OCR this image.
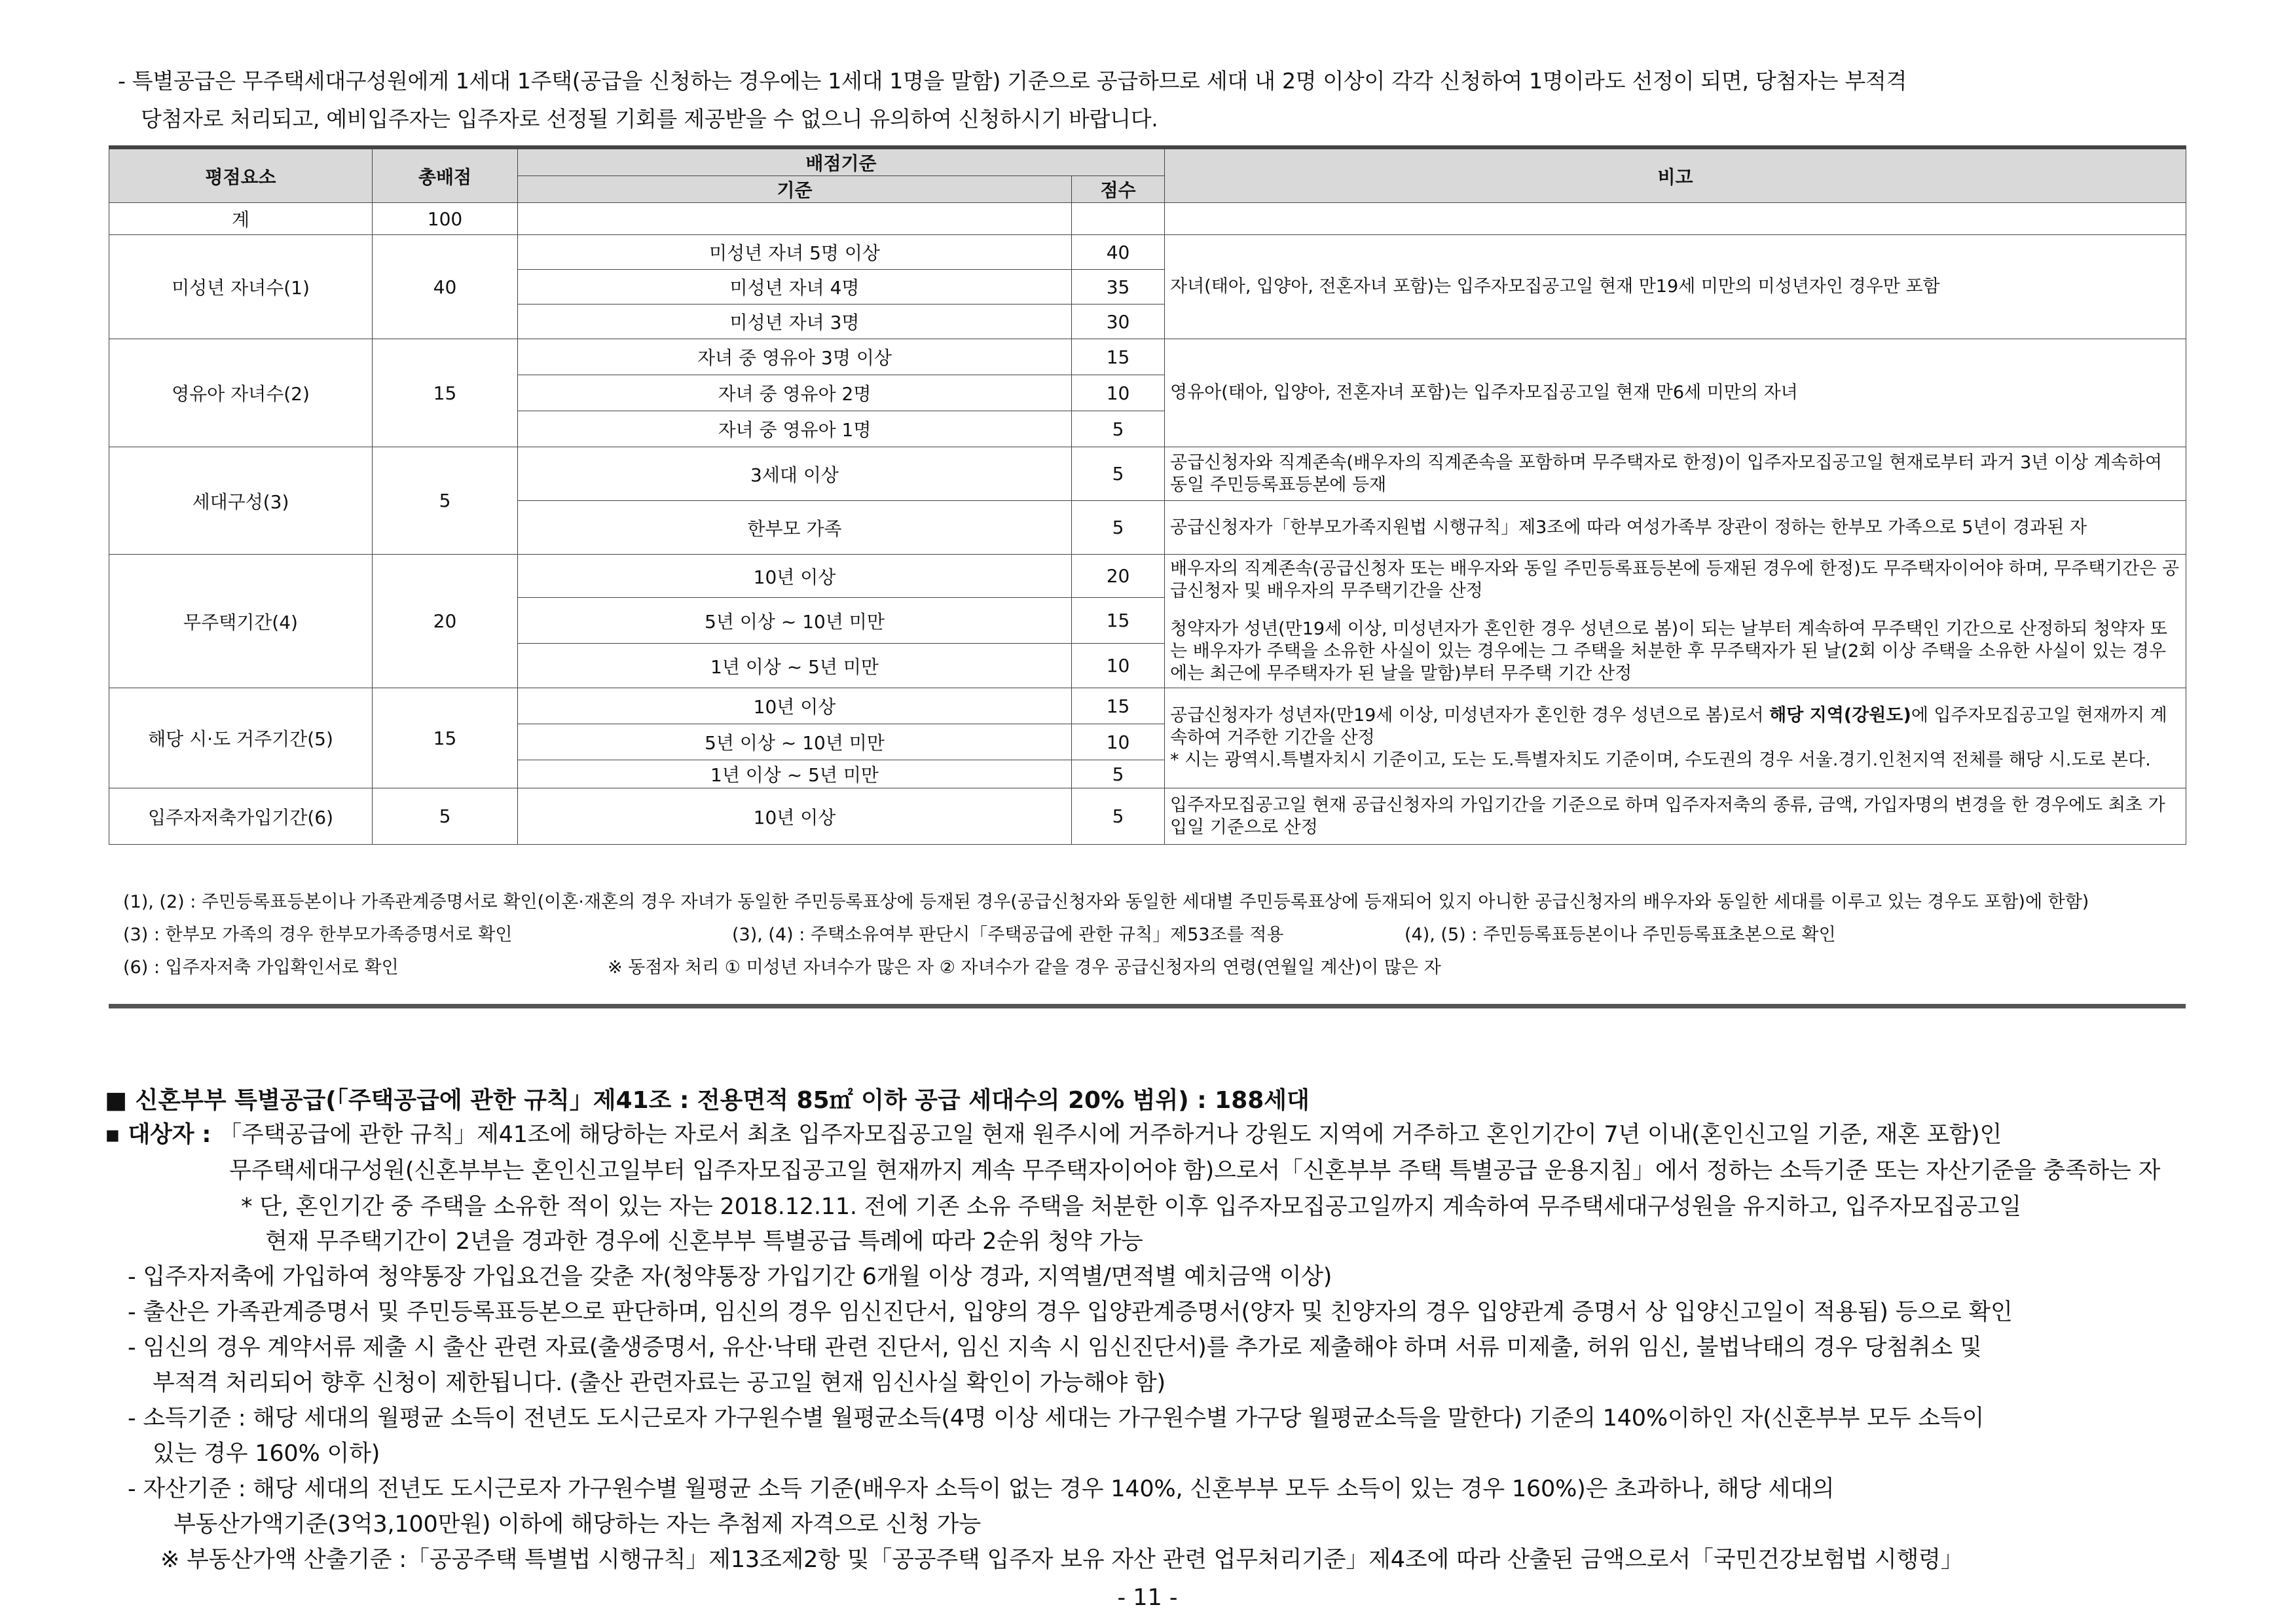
- 특별공급은 무주택세대구성원에게 1세대 1주택(공급을 신청하는 경우에는 1세대 1명을 말함) 기준으로 공급하므로 세대 내 2명 이상이 각각 신청하여 1명이라도 선정이 되면, 당첨자는 부적격
당첨자로 처리되고, 예비입주자는 입주자로 선정될 기회를 제공받을 수 없으니 유의하여 신청하시기 바랍니다.
평점요소	총배점	배점기준		비고
		기준	점수	
계	100			
미성년 자녀수(1)	40	미성년 자녀 5명 이상	40	자녀(태아, 입양아, 전혼자녀 포함)는 입주자모집공고일 현재 만19세 미만의 미성년자인 경우만 포함
		미성년 자녀 4명	35	
		미성년 자녀 3명	30	
영유아 자녀수(2)	15	자녀 중 영유아 3명 이상	15	영유아(태아, 입양아, 전혼자녀 포함)는 입주자모집공고일 현재 만6세 미만의 자녀
		자녀 중 영유아 2명	10	
		자녀 중 영유아 1명	5	
세대구성(3)	5	3세대 이상	5	공급신청자와 직계존속(배우자의 직계존속을 포함하며 무주택자로 한정)이 입주자모집공고일 현재로부터 과거 3년 이상 계속하여 동일 주민등록표등본에 등재
		한부모 가족	5	공급신청자가「한부모가족지원법 시행규칙」제3조에 따라 여성가족부 장관이 정하는 한부모 가족으로 5년이 경과된 자
무주택기간(4)	20	10년 이상	20	배우자의 직계존속(공급신청자 또는 배우자와 동일 주민등록표등본에 등재된 경우에 한정)도 무주택자이어야 하며, 무주택기간은 공급신청자 및 배우자의 무주택기간을 산정
청약자가 성년(만19세 이상, 미성년자가 혼인한 경우 성년으로 봄)이 되는 날부터 계속하여 무주택인 기간으로 산정하되 청약자 또는 배우자가 주택을 소유한 사실이 있는 경우에는 그 주택을 처분한 후 무주택자가 된 날(2회 이상 주택을 소유한 사실이 있는 경우에는 최근에 무주택자가 된 날을 말함)부터 무주택 기간 산정

		5년 이상 ~ 10년 미만	15	
		1년 이상 ~ 5년 미만	10	
해당 시·도 거주기간(5)	15	10년 이상	15	공급신청자가 성년자(만19세 이상, 미성년자가 혼인한 경우 성년으로 봄)로서 해당 지역(강원도)에 입주자모집공고일 현재까지 계속하여 거주한 기간을 산정
* 시는 광역시.특별자치시 기준이고, 도는 도.특별자치도 기준이며, 수도권의 경우 서울.경기.인천지역 전체를 해당 시.도로 본다.

		5년 이상 ~ 10년 미만	10	
		1년 이상 ~ 5년 미만	5	
입주자저축가입기간(6)	5	10년 이상	5	입주자모집공고일 현재 공급신청자의 가입기간을 기준으로 하며 입주자저축의 종류, 금액, 가입자명의 변경을 한 경우에도 최초 가입일 기준으로 산정
(1), (2) : 주민등록표등본이나 가족관계증명서로 확인(이혼·재혼의 경우 자녀가 동일한 주민등록표상에 등재된 경우(공급신청자와 동일한 세대별 주민등록표상에 등재되어 있지 아니한 공급신청자의 배우자와 동일한 세대를 이루고 있는 경우도 포함)에 한함)
(3) : 한부모 가족의 경우 한부모가족증명서로 확인	(3), (4) : 주택소유여부 판단시「주택공급에 관한 규칙」제53조를 적용	(4), (5) : 주민등록표등본이나 주민등록표초본으로 확인
(6) : 입주자저축 가입확인서로 확인	※ 동점자 처리 ① 미성년 자녀수가 많은 자 ② 자녀수가 같을 경우 공급신청자의 연령(연월일 계산)이 많은 자
■ 신혼부부 특별공급(「주택공급에 관한 규칙」제41조 : 전용면적 85㎡ 이하 공급 세대수의 20% 범위) : 188세대
▪ 대상자 : 「주택공급에 관한 규칙」제41조에 해당하는 자로서 최초 입주자모집공고일 현재 원주시에 거주하거나 강원도 지역에 거주하고 혼인기간이 7년 이내(혼인신고일 기준, 재혼 포함)인
무주택세대구성원(신혼부부는 혼인신고일부터 입주자모집공고일 현재까지 계속 무주택자이어야 함)으로서「신혼부부 주택 특별공급 운용지침」에서 정하는 소득기준 또는 자산기준을 충족하는 자
* 단, 혼인기간 중 주택을 소유한 적이 있는 자는 2018.12.11. 전에 기존 소유 주택을 처분한 이후 입주자모집공고일까지 계속하여 무주택세대구성원을 유지하고, 입주자모집공고일
현재 무주택기간이 2년을 경과한 경우에 신혼부부 특별공급 특례에 따라 2순위 청약 가능
- 입주자저축에 가입하여 청약통장 가입요건을 갖춘 자(청약통장 가입기간 6개월 이상 경과, 지역별/면적별 예치금액 이상)
- 출산은 가족관계증명서 및 주민등록표등본으로 판단하며, 임신의 경우 임신진단서, 입양의 경우 입양관계증명서(양자 및 친양자의 경우 입양관계 증명서 상 입양신고일이 적용됨) 등으로 확인
- 임신의 경우 계약서류 제출 시 출산 관련 자료(출생증명서, 유산·낙태 관련 진단서, 임신 지속 시 임신진단서)를 추가로 제출해야 하며 서류 미제출, 허위 임신, 불법낙태의 경우 당첨취소 및
부적격 처리되어 향후 신청이 제한됩니다. (출산 관련자료는 공고일 현재 임신사실 확인이 가능해야 함)
- 소득기준 : 해당 세대의 월평균 소득이 전년도 도시근로자 가구원수별 월평균소득(4명 이상 세대는 가구원수별 가구당 월평균소득을 말한다) 기준의 140%이하인 자(신혼부부 모두 소득이
있는 경우 160% 이하)
- 자산기준 : 해당 세대의 전년도 도시근로자 가구원수별 월평균 소득 기준(배우자 소득이 없는 경우 140%, 신혼부부 모두 소득이 있는 경우 160%)은 초과하나, 해당 세대의
부동산가액기준(3억3,100만원) 이하에 해당하는 자는 추첨제 자격으로 신청 가능
※ 부동산가액 산출기준 :「공공주택 특별법 시행규칙」제13조제2항 및「공공주택 입주자 보유 자산 관련 업무처리기준」제4조에 따라 산출된 금액으로서「국민건강보험법 시행령」
- 11 -
